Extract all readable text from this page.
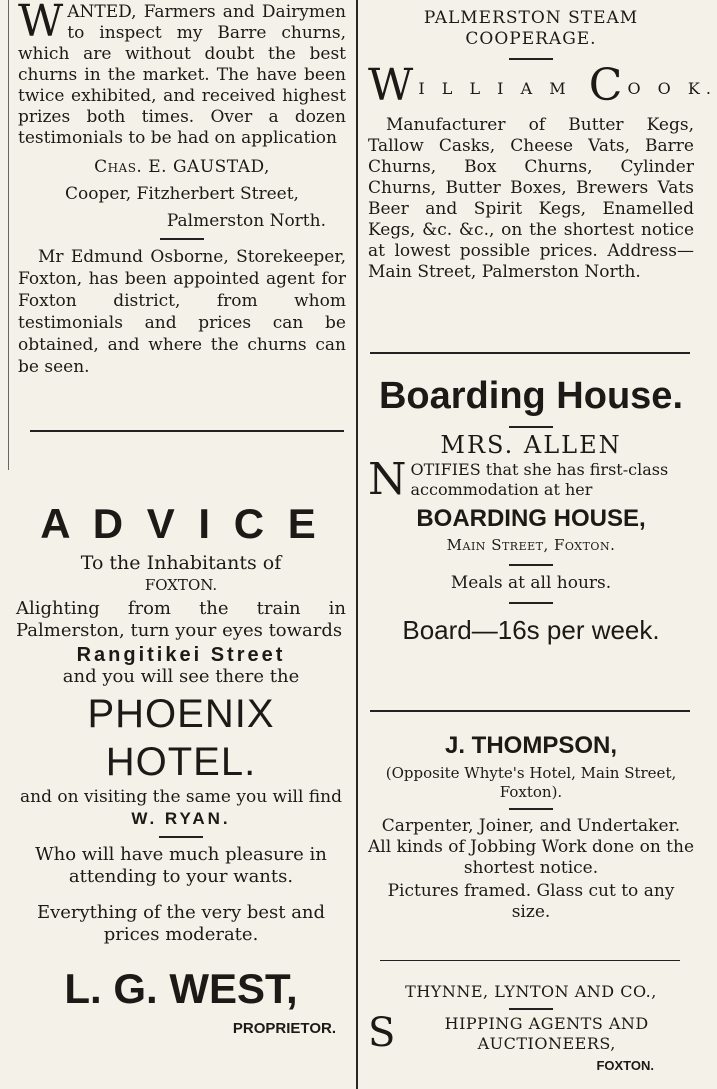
WANTED, Farmers and Dairymen to inspect my Barre churns, which are without doubt the best churns in the market. The have been twice exhibited, and received highest prizes both times. Over a dozen testimonials to be had on application

Chas. E. GAUSTAD,

Cooper, Fitzherbert Street,

Palmerston North.

Mr Edmund Osborne, Storekeeper, Foxton, has been appointed agent for Foxton district, from whom testimonials and prices can be obtained, and where the churns can be seen.

A D V I C E

To the Inhabitants of

FOXTON.

Alighting from the train in Palmerston, turn your eyes towards

Rangitikei Street

and you will see there the

PHOENIX HOTEL.

and on visiting the same you will find

W. RYAN.

Who will have much pleasure in attending to your wants.

Everything of the very best and prices moderate.

L. G. WEST,

PROPRIETOR.

PALMERSTON STEAM COOPERAGE.

W I L L I A M C O O K.

Manufacturer of Butter Kegs, Tallow Casks, Cheese Vats, Barre Churns, Box Churns, Cylinder Churns, Butter Boxes, Brewers Vats Beer and Spirit Kegs, Enamelled Kegs, &c. &c., on the shortest notice at lowest possible prices. Address—Main Street, Palmerston North.

Boarding House.

MRS. ALLEN

NOTIFIES that she has first-class accommodation at her

BOARDING HOUSE,

Main Street, Foxton.

Meals at all hours.

Board—16s per week.

J. THOMPSON,

(Opposite Whyte's Hotel, Main Street, Foxton).

Carpenter, Joiner, and Undertaker. All kinds of Jobbing Work done on the shortest notice.

Pictures framed. Glass cut to any size.

THYNNE, LYNTON AND CO.,

S	HIPPING AGENTS AND AUCTIONEERS,

FOXTON.
